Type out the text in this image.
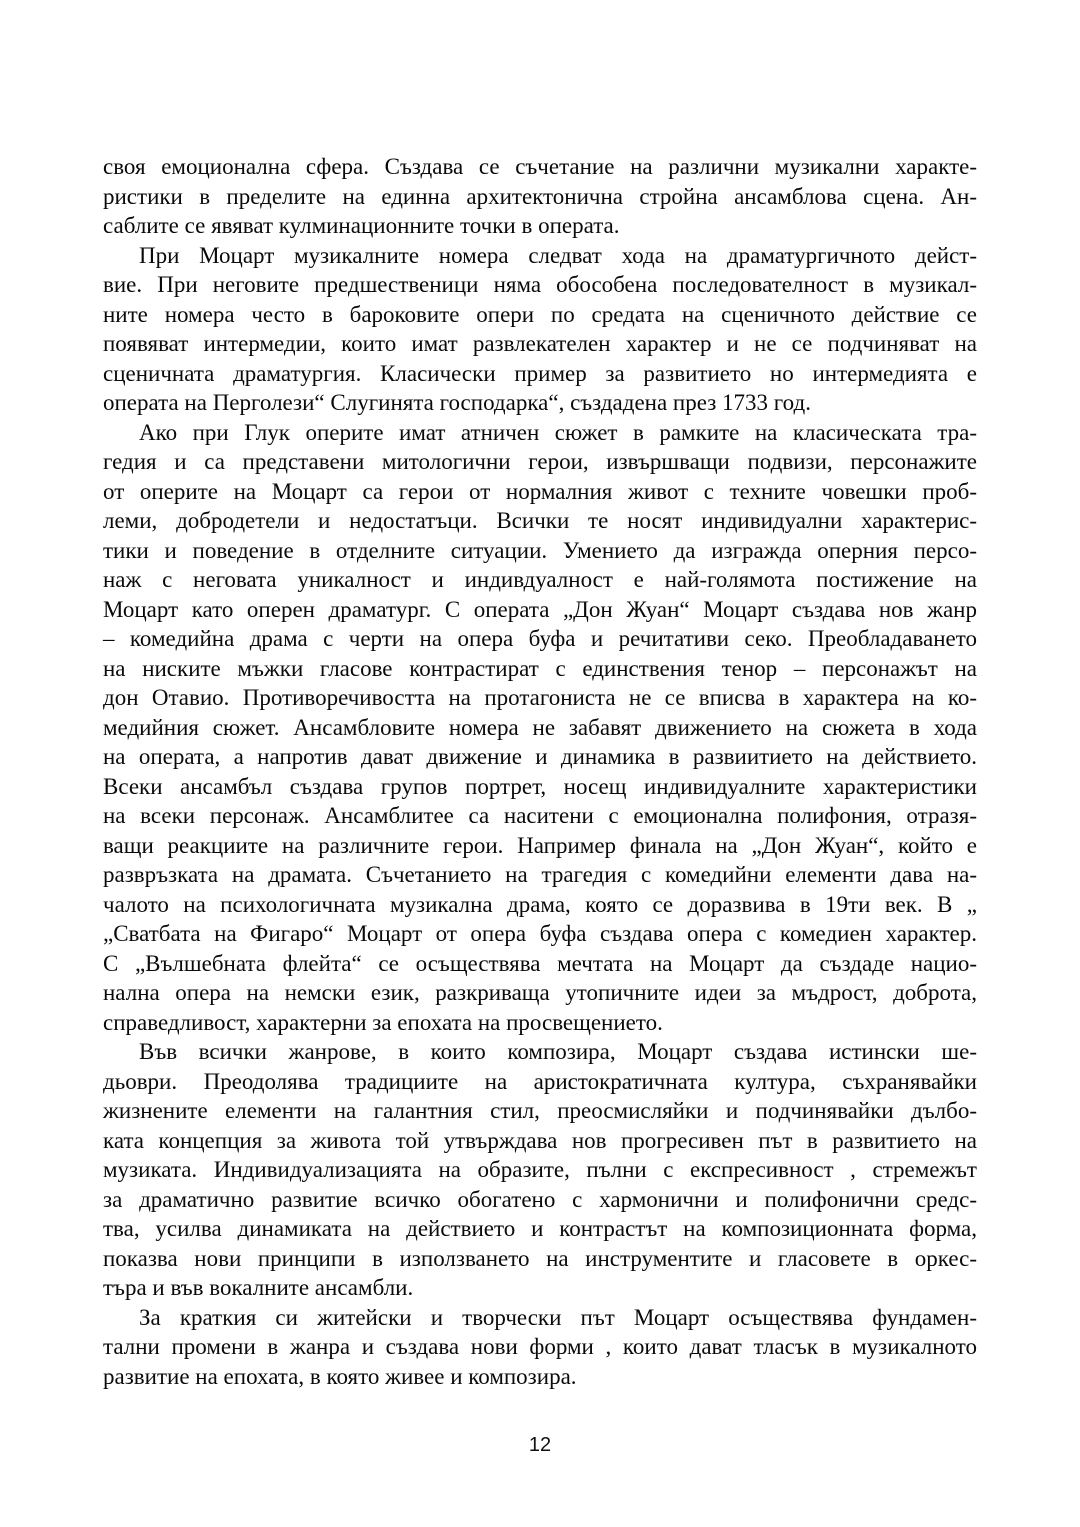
своя емоционална сфера. Създава се съчетание на различни музикални характе-
ристики в пределите на единна архитектонична стройна ансамблова сцена. Ан-
саблите се явяват кулминационните точки в операта.
При Моцарт музикалните номера следват хода на драматургичното дейст-
вие. При неговите предшественици няма обособена последователност в музикал-
ните номера често в бароковите опери по средата на сценичното действие се
появяват интермедии, които имат развлекателен характер и не се подчиняват на
сценичната драматургия. Класически пример за развитието но интермедията е
операта на Перголези“ Слугинята господарка“, създадена през 1733 год.
Ако при Глук оперите имат атничен сюжет в рамките на класическата тра-
гедия и са представени митологични герои, извършващи подвизи, персонажите
от оперите на Моцарт са герои от нормалния живот с техните човешки проб-
леми, добродетели и недостатъци. Всички те носят индивидуални характерис-
тики и поведение в отделните ситуации. Умението да изгражда оперния персо-
наж с неговата уникалност и индивдуалност е най-голямота постижение на
Моцарт като оперен драматург. С операта „Дон Жуан“ Моцарт създава нов жанр
– комедийна драма с черти на опера буфа и речитативи секо. Преобладаването
на ниските мъжки гласове контрастират с единствения тенор – персонажът на
дон Отавио. Противоречивостта на протагониста не се вписва в характера на ко-
медийния сюжет. Ансамбловите номера не забавят движението на сюжета в хода
на операта, а напротив дават движение и динамика в развиитието на действието.
Всеки ансамбъл създава групов портрет, носещ индивидуалните характеристики
на всеки персонаж. Ансамблитее са наситени с емоционална полифония, отразя-
ващи реакциите на различните герои. Например финала на „Дон Жуан“, който е
развръзката на драмата. Съчетанието на трагедия с комедийни елементи дава на-
чалото на психологичната музикална драма, която се доразвива в 19ти век. В „
„Сватбата на Фигаро“ Моцарт от опера буфа създава опера с комедиен характер.
С „Вълшебната флейта“ се осъществява мечтата на Моцарт да създаде нацио-
нална опера на немски език, разкриваща утопичните идеи за мъдрост, доброта,
справедливост, характерни за епохата на просвещението.
Във всички жанрове, в които композира, Моцарт създава истински ше-
дьоври. Преодолява традициите на аристократичната култура, съхранявайки
жизнените елементи на галантния стил, преосмисляйки и подчинявайки дълбо-
ката концепция за живота той утвърждава нов прогресивен път в развитието на
музиката. Индивидуализацията на образите, пълни с експресивност , стремежът
за драматично развитие всичко обогатено с хармонични и полифонични средс-
тва, усилва динамиката на действието и контрастът на композиционната форма,
показва нови принципи в използването на инструментите и гласовете в оркес-
търа и във вокалните ансамбли.
За краткия си житейски и творчески път Моцарт осъществява фундамен-
тални промени в жанра и създава нови форми , които дават тласък в музикалното
развитие на епохата, в която живее и композира.
12
